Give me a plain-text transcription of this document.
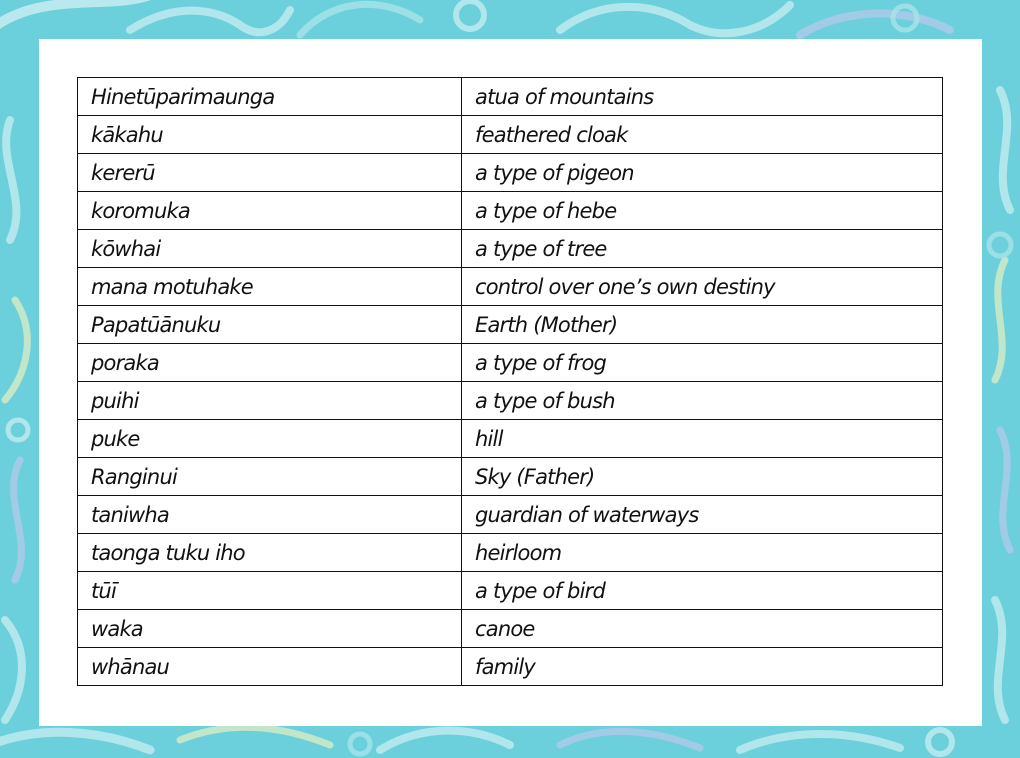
Hinetūparimaunga	atua of mountains
kākahu	feathered cloak
kererū	a type of pigeon
koromuka	a type of hebe
kōwhai	a type of tree
mana motuhake	control over one’s own destiny
Papatūānuku	Earth (Mother)
poraka	a type of frog
puihi	a type of bush
puke	hill
Ranginui	Sky (Father)
taniwha	guardian of waterways
taonga tuku iho	heirloom
tūī	a type of bird
waka	canoe
whānau	family
